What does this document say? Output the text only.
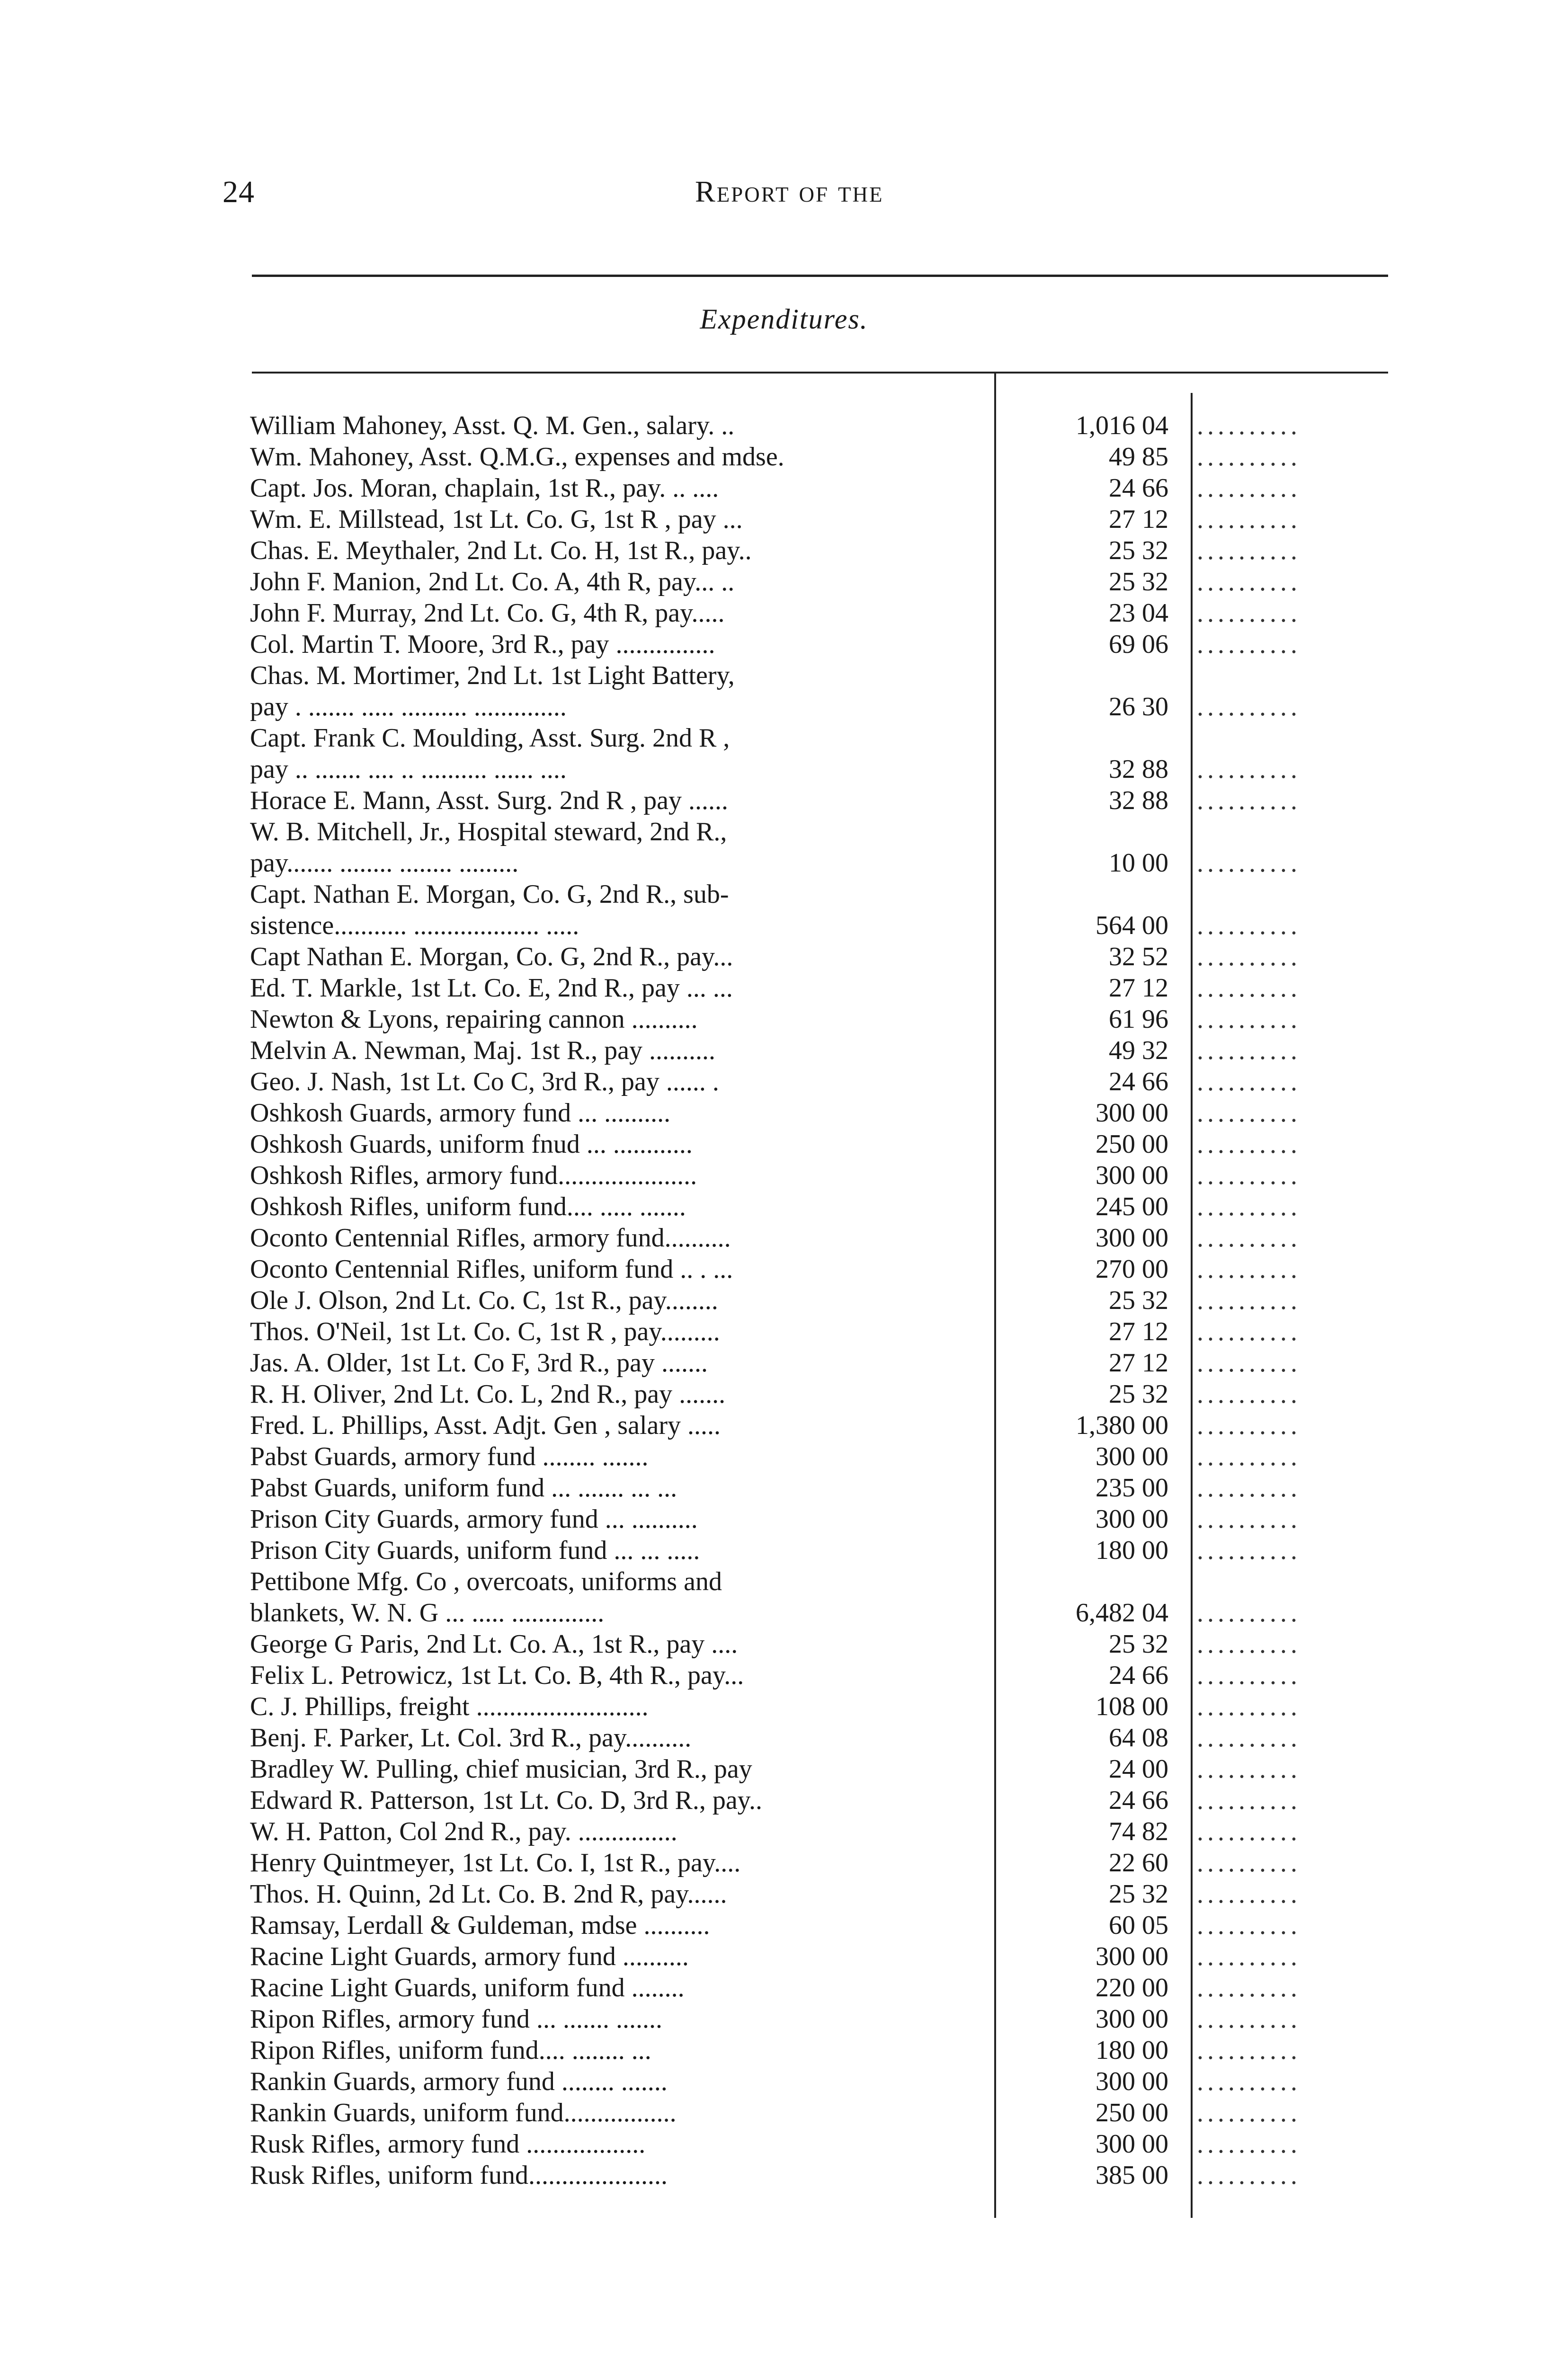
24	Report of the
Expenditures.
William Mahoney, Asst. Q. M. Gen., salary. ..	1,016 04 ..........
Wm. Mahoney, Asst. Q.M.G., expenses and mdse.	49 85 ..........
Capt. Jos. Moran, chaplain, 1st R., pay. .. ....	24 66 ..........
Wm. E. Millstead, 1st Lt. Co. G, 1st R , pay ...	27 12 ..........
Chas. E. Meythaler, 2nd Lt. Co. H, 1st R., pay..	25 32 ..........
John F. Manion, 2nd Lt. Co. A, 4th R, pay... ..	25 32 ..........
John F. Murray, 2nd Lt. Co. G, 4th R, pay.....	23 04 ..........
Col. Martin T. Moore, 3rd R., pay ...............	69 06 ..........
Chas. M. Mortimer, 2nd Lt. 1st Light Battery,
pay . ....... ..... .......... ..............	26 30 ..........
Capt. Frank C. Moulding, Asst. Surg. 2nd R ,
pay .. ....... .... .. .......... ...... ....	32 88 ..........
Horace E. Mann, Asst. Surg. 2nd R , pay ......	32 88 ..........
W. B. Mitchell, Jr., Hospital steward, 2nd R.,
pay....... ........ ........ .........	10 00 ..........
Capt. Nathan E. Morgan, Co. G, 2nd R., sub-
sistence........... ................... .....	564 00 ..........
Capt Nathan E. Morgan, Co. G, 2nd R., pay...	32 52 ..........
Ed. T. Markle, 1st Lt. Co. E, 2nd R., pay ... ...	27 12 ..........
Newton & Lyons, repairing cannon ..........	61 96 ..........
Melvin A. Newman, Maj. 1st R., pay ..........	49 32 ..........
Geo. J. Nash, 1st Lt. Co C, 3rd R., pay ...... .	24 66 ..........
Oshkosh Guards, armory fund ... ..........	300 00 ..........
Oshkosh Guards, uniform fnud ... ............	250 00 ..........
Oshkosh Rifles, armory fund.....................	300 00 ..........
Oshkosh Rifles, uniform fund.... ..... .......	245 00 ..........
Oconto Centennial Rifles, armory fund..........	300 00 ..........
Oconto Centennial Rifles, uniform fund .. . ...	270 00 ..........
Ole J. Olson, 2nd Lt. Co. C, 1st R., pay........	25 32 ..........
Thos. O'Neil, 1st Lt. Co. C, 1st R , pay.........	27 12 ..........
Jas. A. Older, 1st Lt. Co F, 3rd R., pay .......	27 12 ..........
R. H. Oliver, 2nd Lt. Co. L, 2nd R., pay .......	25 32 ..........
Fred. L. Phillips, Asst. Adjt. Gen , salary .....	1,380 00 ..........
Pabst Guards, armory fund ........ .......	300 00 ..........
Pabst Guards, uniform fund ... ....... ... ...	235 00 ..........
Prison City Guards, armory fund ... ..........	300 00 ..........
Prison City Guards, uniform fund ... ... .....	180 00 ..........
Pettibone Mfg. Co , overcoats, uniforms and
blankets, W. N. G ... ..... ..............	6,482 04 ..........
George G Paris, 2nd Lt. Co. A., 1st R., pay ....	25 32 ..........
Felix L. Petrowicz, 1st Lt. Co. B, 4th R., pay...	24 66 ..........
C. J. Phillips, freight ..........................	108 00 ..........
Benj. F. Parker, Lt. Col. 3rd R., pay..........	64 08 ..........
Bradley W. Pulling, chief musician, 3rd R., pay	24 00 ..........
Edward R. Patterson, 1st Lt. Co. D, 3rd R., pay..	24 66 ..........
W. H. Patton, Col 2nd R., pay. ...............	74 82 ..........
Henry Quintmeyer, 1st Lt. Co. I, 1st R., pay....	22 60 ..........
Thos. H. Quinn, 2d Lt. Co. B. 2nd R, pay......	25 32 ..........
Ramsay, Lerdall & Guldeman, mdse ..........	60 05 ..........
Racine Light Guards, armory fund ..........	300 00 ..........
Racine Light Guards, uniform fund ........	220 00 ..........
Ripon Rifles, armory fund ... ....... .......	300 00 ..........
Ripon Rifles, uniform fund.... ........ ...	180 00 ..........
Rankin Guards, armory fund ........ .......	300 00 ..........
Rankin Guards, uniform fund.................	250 00 ..........
Rusk Rifles, armory fund ..................	300 00 ..........
Rusk Rifles, uniform fund.....................	385 00 ..........
